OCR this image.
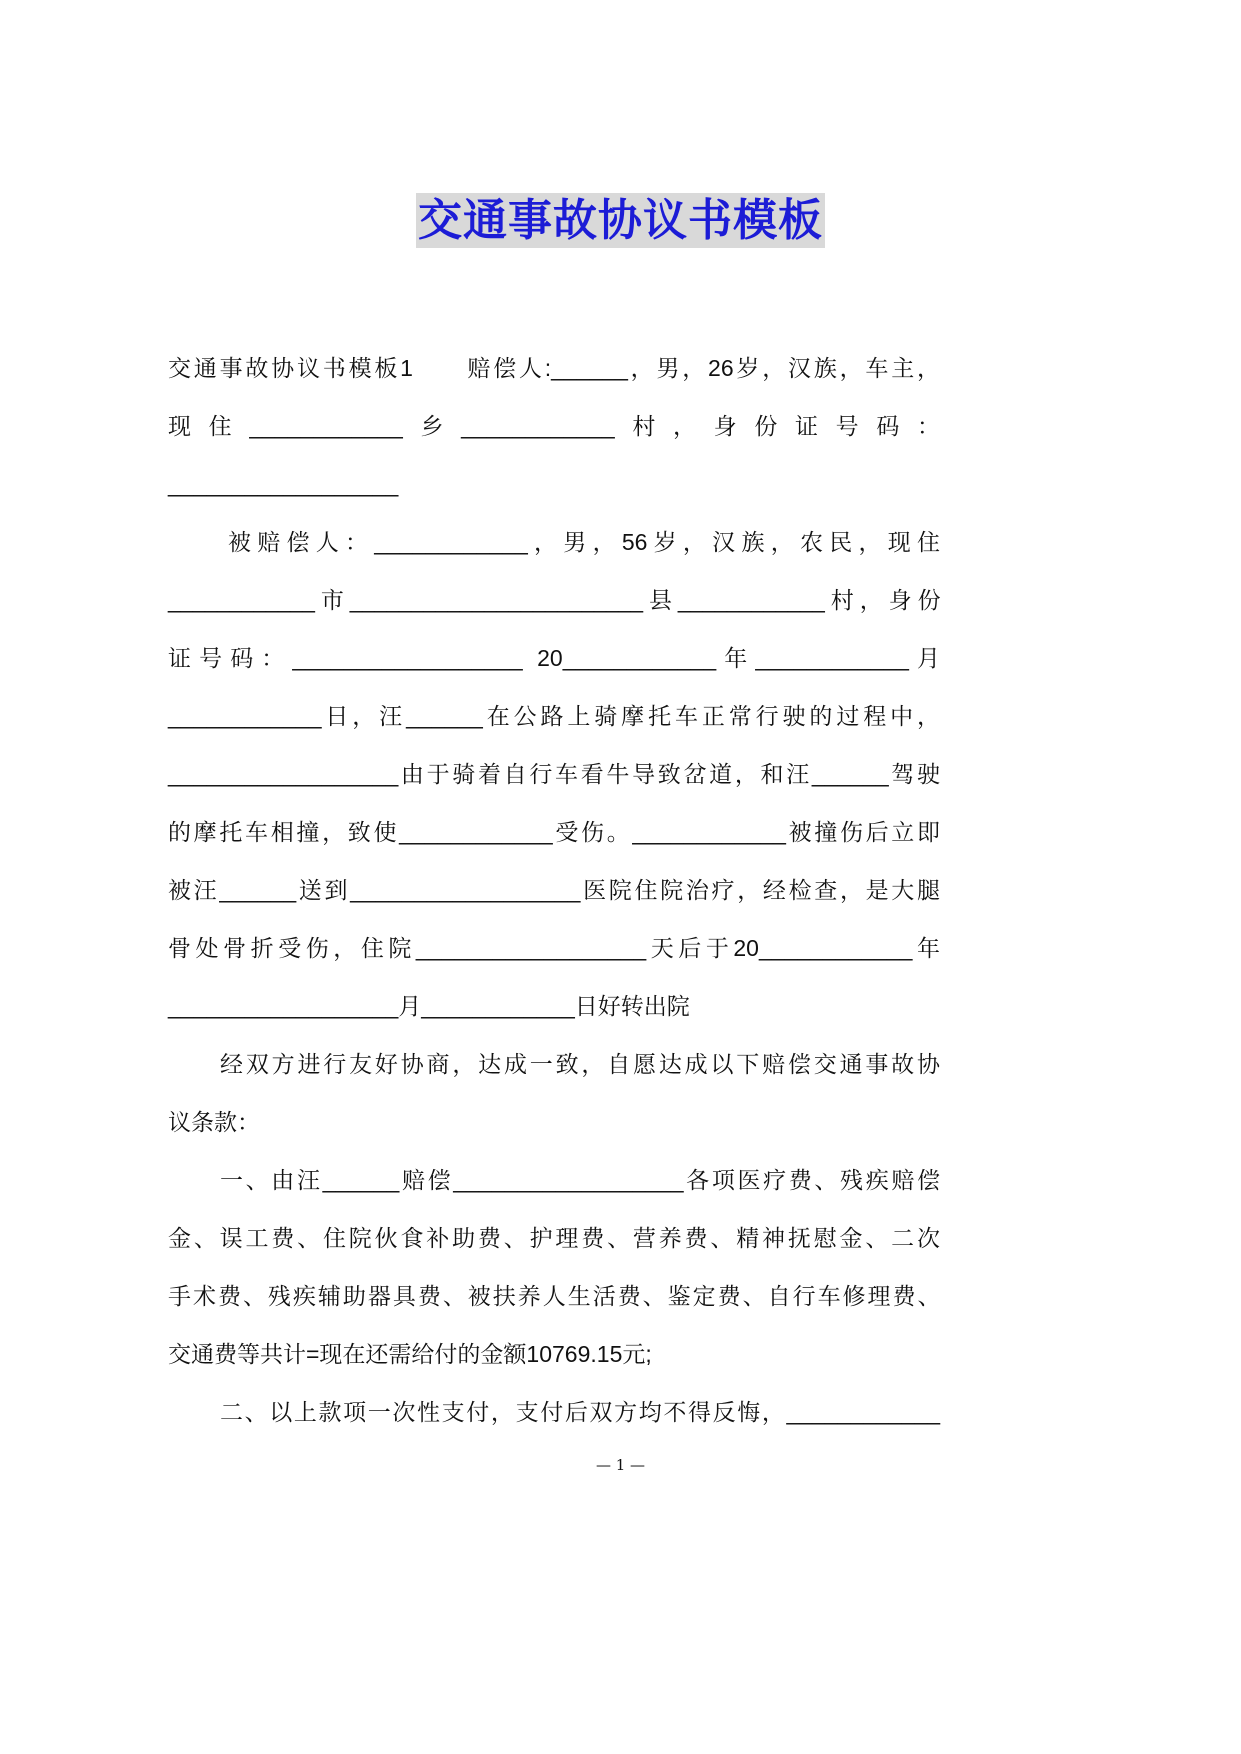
交通事故协议书模板
交通事故协议书模板1　　赔偿人:______，男，26岁，汉族，车主，
现住____________乡____________村，身份证号码：
__________________
被赔偿人：____________，男，56岁，汉族，农民，现住
____________市________________________县____________村，身份
证号码：__________________ 20____________年____________月
____________日，汪______在公路上骑摩托车正常行驶的过程中，
__________________由于骑着自行车看牛导致岔道，和汪______驾驶
的摩托车相撞，致使____________受伤。____________被撞伤后立即
被汪______送到__________________医院住院治疗，经检查，是大腿
骨处骨折受伤，住院__________________天后于20____________年
__________________月____________日好转出院
经双方进行友好协商，达成一致，自愿达成以下赔偿交通事故协
议条款：
一、由汪______赔偿__________________各项医疗费、残疾赔偿
金、误工费、住院伙食补助费、护理费、营养费、精神抚慰金、二次
手术费、残疾辅助器具费、被扶养人生活费、鉴定费、自行车修理费、
交通费等共计=现在还需给付的金额10769.15元;
二、以上款项一次性支付，支付后双方均不得反悔，____________
— 1 —
